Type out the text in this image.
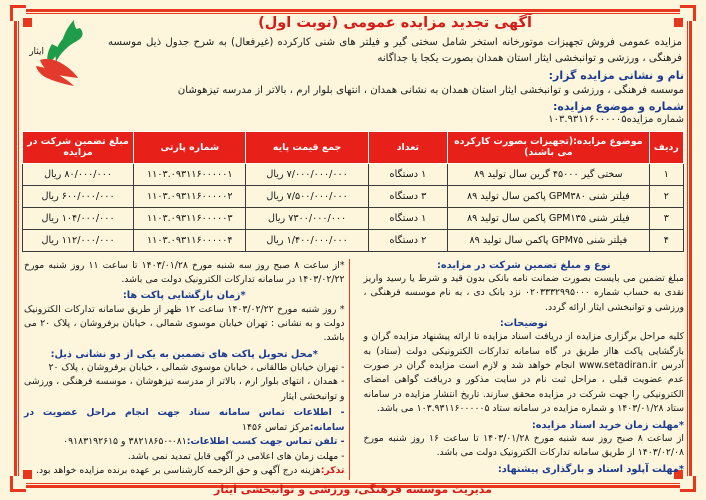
آگهی تجدید مزایده عمومی (نوبت اول)
مزایده عمومی فروش تجهیزات موتورخانه استخر شامل سختی گیر و فیلتر های شنی کارکرده (غیرفعال) به شرح جدول ذیل موسسه فرهنگی ، ورزشی و توانبخشی ایثار استان همدان بصورت یکجا یا جداگانه
نام و نشانی مزایده گزار:
موسسه فرهنگی ، ورزشی و توانبخشی ایثار استان همدان به نشانی همدان ، انتهای بلوار ارم ، بالاتر از مدرسه تیزهوشان
شماره و موضوع مزایده:
شماره مزایده۱۰۳.۹۳۱۱۶۰۰۰۰۰۵
ایثار
·
ردیف	موضوع مزایده:(تجهیزات بصورت کارکرده می باشند)	تعداد	جمع قیمت پایه	شماره پارتی	مبلغ تضمین شرکت در مزایده
۱	سختی گیر ۴۵۰۰۰ گرین سال تولید ۸۹	۱ دستگاه	۷/۰۰۰/۰۰۰/۰۰۰ ریال	۱۱۰۳.۰۹۳۱۱۶۰۰۰۰۰۱	۸۰/۰۰۰/۰۰۰ ریال
۲	فیلتر شنی GPM۳۸۰ پاکمن سال تولید ۸۹	۳ دستگاه	۷/۵۰۰/۰۰۰/۰۰۰ ریال	۱۱۰۳.۰۹۳۱۱۶۰۰۰۰۰۲	۶۰۰/۰۰۰/۰۰۰ ریال
۳	فیلتر شنی GPM۱۳۵ پاکمن سال تولید ۸۹	۱ دستگاه	۷۳۰۰/۰۰۰/۰۰۰ ریال	۱۱۰۳.۰۹۳۱۱۶۰۰۰۰۰۳	۱۰۴/۰۰۰/۰۰۰ ریال
۴	فیلتر شنی GPM۷۵ پاکمن سال تولید ۸۹	۲ دستگاه	۱/۴۰۰/۰۰۰/۰۰۰ ریال	۱۱۰۳.۰۹۳۱۱۶۰۰۰۰۰۴	۱۱۲/۰۰۰/۰۰۰ ریال
نوع و مبلغ تضمین شرکت در مزایده:
مبلغ تضمین می بایست بصورت ضمانت نامه بانکی بدون قید و شرط یا رسید واریز نقدی به حساب شماره ۰۲۰۳۳۳۲۹۹۵۰۰۰ نزد بانک دی ، به نام موسسه فرهنگی ، ورزشی و توانبخشی ایثار ارائه گردد.
توضیحات:
کلیه مراحل برگزاری مزایده از دریافت اسناد مزایده تا ارائه پیشنهاد مزایده گران و بازگشایی پاکت هااز طریق در گاه سامانه تدارکات الکترونیکی دولت (ستاد) به آدرس www.setadiran.ir انجام خواهد شد و لازم است مزایده گران در صورت عدم عضویت قبلی ، مراحل ثبت نام در سایت مذکور و دریافت گواهی امضای الکترونیکی را جهت شرکت در مزایده محقق سازند. تاریخ انتشار مزایده در سامانه ستاد ۱۴۰۳/۰۱/۲۸ و شماره مزایده در سامانه ستاد ۱۰۳.۹۳۱۱۶۰۰۰۰۰۵ می باشد.
*مهلت زمان خرید اسناد مزایده:
از ساعت ۸ صبح روز سه شنبه مورخ ۱۴۰۳/۰۱/۲۸ تا ساعت ۱۶ روز شنبه مورخ ۱۴۰۳/۰۲/۰۸ از طریق سامانه تدارکات الکترونیک دولت می باشد.
*مهلت آپلود اسناد و بارگذاری پیشنهاد:
*از ساعت ۸ صبح روز سه شنبه مورخ ۱۴۰۳/۰۱/۲۸ تا ساعت ۱۱ روز شنبه مورخ ۱۴۰۳/۰۲/۲۲ در سامانه تدارکات الکترونیک دولت می باشد.
*زمان بازگشایی پاکت ها:
* روز شنبه مورخ ۱۴۰۳/۰۲/۲۲ ساعت ۱۲ ظهر از طریق سامانه تدارکات الکترونیک دولت و به نشانی : تهران خیابان موسوی شمالی ، خیابان برفروشان ، پلاک ۲۰ می باشد.
*محل تحویل پاکت های تضمین به یکی از دو نشانی ذیل:
- تهران خیابان طالقانی ، خیابان موسوی شمالی ، خیابان برفروشان ، پلاک ۲۰
- همدان ، انتهای بلوار ارم ، بالاتر از مدرسه تیزهوشان ، موسسه فرهنگی ، ورزشی و توانبخشی ایثار
- اطلاعات تماس سامانه ستاد جهت انجام مراحل عضویت در سامانه:مرکز تماس ۱۴۵۶
- تلفن تماس جهت کسب اطلاعات:۰۸۱-۳۸۲۱۸۶۵۰ و ۰۹۱۸۳۱۹۲۶۱۵
- مهلت زمان های اعلامی در آگهی قابل تمدید نمی باشد.
تذکر:هزینه درج آگهی و حق الزحمه کارشناسی بر عهده برنده مزایده خواهد بود.
مدیریت موسسه فرهنگی، ورزشی و توانبخشی ایثار
